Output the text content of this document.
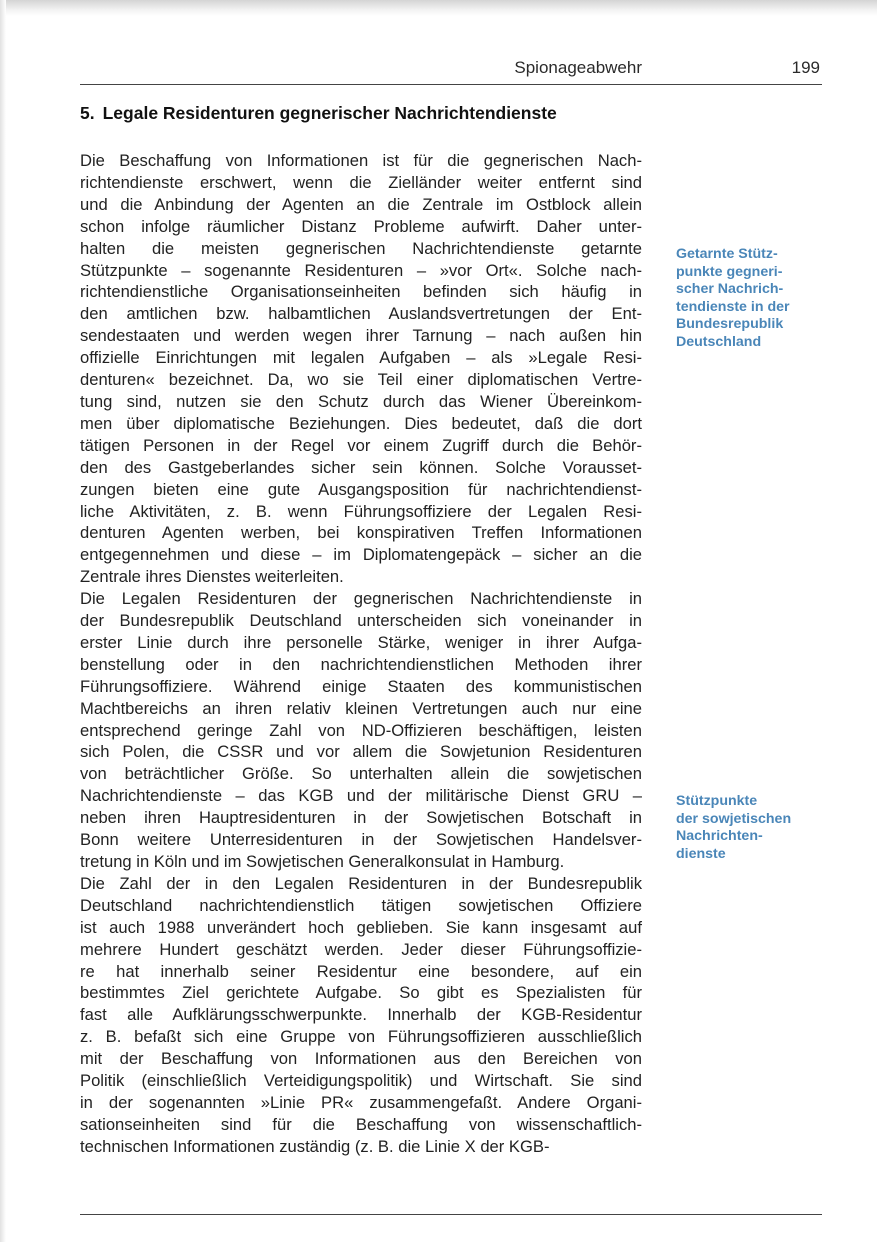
Spionageabwehr	199
5. Legale Residenturen gegnerischer Nachrichtendienste

Die Beschaffung von Informationen ist für die gegnerischen Nach-
richtendienste erschwert, wenn die Zielländer weiter entfernt sind
und die Anbindung der Agenten an die Zentrale im Ostblock allein
schon infolge räumlicher Distanz Probleme aufwirft. Daher unter-
halten die meisten gegnerischen Nachrichtendienste getarnte
Stützpunkte – sogenannte Residenturen – »vor Ort«. Solche nach-
richtendienstliche Organisationseinheiten befinden sich häufig in
den amtlichen bzw. halbamtlichen Auslandsvertretungen der Ent-
sendestaaten und werden wegen ihrer Tarnung – nach außen hin
offizielle Einrichtungen mit legalen Aufgaben – als »Legale Resi-
denturen« bezeichnet. Da, wo sie Teil einer diplomatischen Vertre-
tung sind, nutzen sie den Schutz durch das Wiener Übereinkom-
men über diplomatische Beziehungen. Dies bedeutet, daß die dort
tätigen Personen in der Regel vor einem Zugriff durch die Behör-
den des Gastgeberlandes sicher sein können. Solche Vorausset-
zungen bieten eine gute Ausgangsposition für nachrichtendienst-
liche Aktivitäten, z. B. wenn Führungsoffiziere der Legalen Resi-
denturen Agenten werben, bei konspirativen Treffen Informationen
entgegennehmen und diese – im Diplomatengepäck – sicher an die
Zentrale ihres Dienstes weiterleiten.

Die Legalen Residenturen der gegnerischen Nachrichtendienste in
der Bundesrepublik Deutschland unterscheiden sich voneinander in
erster Linie durch ihre personelle Stärke, weniger in ihrer Aufga-
benstellung oder in den nachrichtendienstlichen Methoden ihrer
Führungsoffiziere. Während einige Staaten des kommunistischen
Machtbereichs an ihren relativ kleinen Vertretungen auch nur eine
entsprechend geringe Zahl von ND-Offizieren beschäftigen, leisten
sich Polen, die CSSR und vor allem die Sowjetunion Residenturen
von beträchtlicher Größe. So unterhalten allein die sowjetischen
Nachrichtendienste – das KGB und der militärische Dienst GRU –
neben ihren Hauptresidenturen in der Sowjetischen Botschaft in
Bonn weitere Unterresidenturen in der Sowjetischen Handelsver-
tretung in Köln und im Sowjetischen Generalkonsulat in Hamburg.

Die Zahl der in den Legalen Residenturen in der Bundesrepublik
Deutschland nachrichtendienstlich tätigen sowjetischen Offiziere
ist auch 1988 unverändert hoch geblieben. Sie kann insgesamt auf
mehrere Hundert geschätzt werden. Jeder dieser Führungsoffizie-
re hat innerhalb seiner Residentur eine besondere, auf ein
bestimmtes Ziel gerichtete Aufgabe. So gibt es Spezialisten für
fast alle Aufklärungsschwerpunkte. Innerhalb der KGB-Residentur
z. B. befaßt sich eine Gruppe von Führungsoffizieren ausschließlich
mit der Beschaffung von Informationen aus den Bereichen von
Politik (einschließlich Verteidigungspolitik) und Wirtschaft. Sie sind
in der sogenannten »Linie PR« zusammengefaßt. Andere Organi-
sationseinheiten sind für die Beschaffung von wissenschaftlich-
technischen Informationen zuständig (z. B. die Linie X der KGB-

Getarnte Stütz-
punkte gegneri-
scher Nachrich-
tendienste in der
Bundesrepublik
Deutschland
Stützpunkte
der sowjetischen
Nachrichten-
dienste
